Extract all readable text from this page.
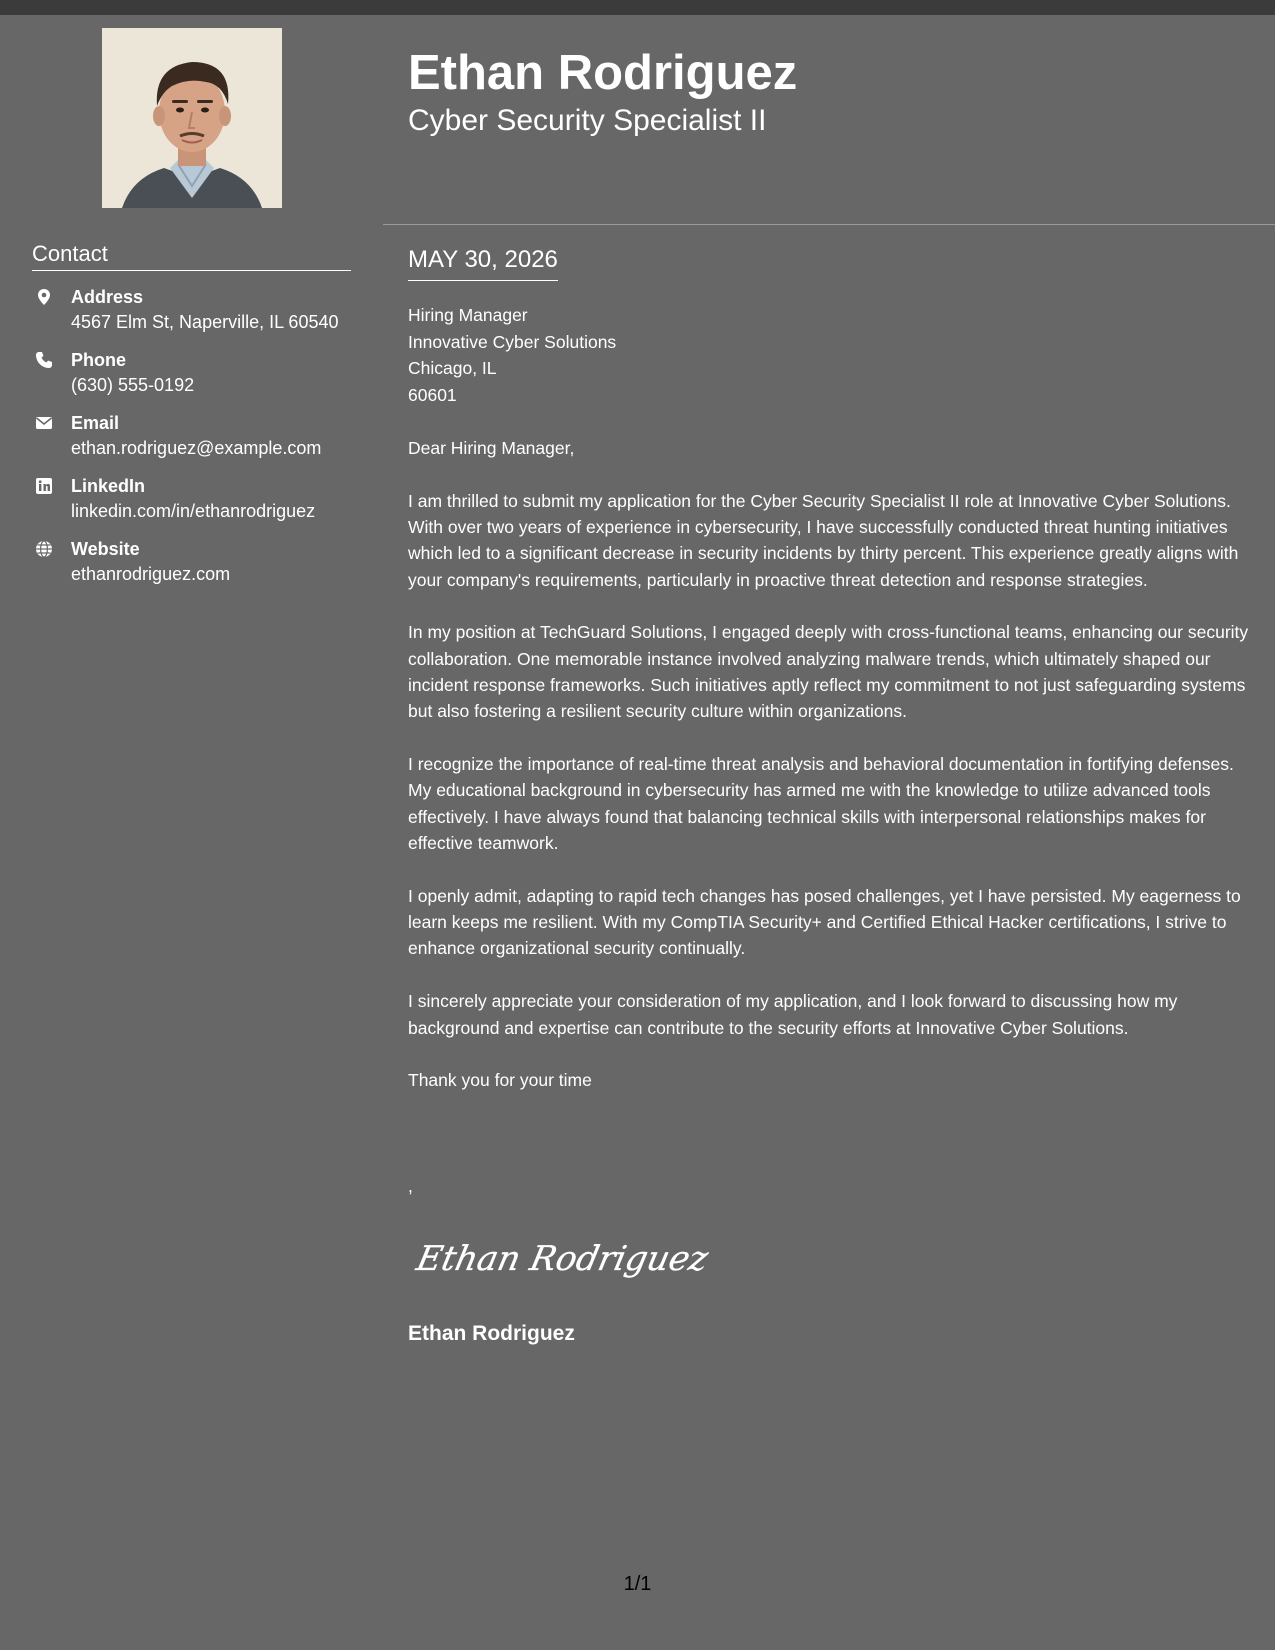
Ethan Rodriguez
Cyber Security Specialist II
Contact
Address
4567 Elm St, Naperville, IL 60540
Phone
(630) 555-0192
Email
ethan.rodriguez@example.com
LinkedIn
linkedin.com/in/ethanrodriguez
Website
ethanrodriguez.com
MAY 30, 2026
Hiring Manager
Innovative Cyber Solutions
Chicago, IL
60601

Dear Hiring Manager,

I am thrilled to submit my application for the Cyber Security Specialist II role at Innovative Cyber Solutions. With over two years of experience in cybersecurity, I have successfully conducted threat hunting initiatives which led to a significant decrease in security incidents by thirty percent. This experience greatly aligns with your company's requirements, particularly in proactive threat detection and response strategies.

In my position at TechGuard Solutions, I engaged deeply with cross-functional teams, enhancing our security collaboration. One memorable instance involved analyzing malware trends, which ultimately shaped our incident response frameworks. Such initiatives aptly reflect my commitment to not just safeguarding systems but also fostering a resilient security culture within organizations.

I recognize the importance of real-time threat analysis and behavioral documentation in fortifying defenses. My educational background in cybersecurity has armed me with the knowledge to utilize advanced tools effectively. I have always found that balancing technical skills with interpersonal relationships makes for effective teamwork.

I openly admit, adapting to rapid tech changes has posed challenges, yet I have persisted. My eagerness to learn keeps me resilient. With my CompTIA Security+ and Certified Ethical Hacker certifications, I strive to enhance organizational security continually.

I sincerely appreciate your consideration of my application, and I look forward to discussing how my background and expertise can contribute to the security efforts at Innovative Cyber Solutions.

Thank you for your time

,
Ethan Rodriguez
Ethan Rodriguez
1/1
